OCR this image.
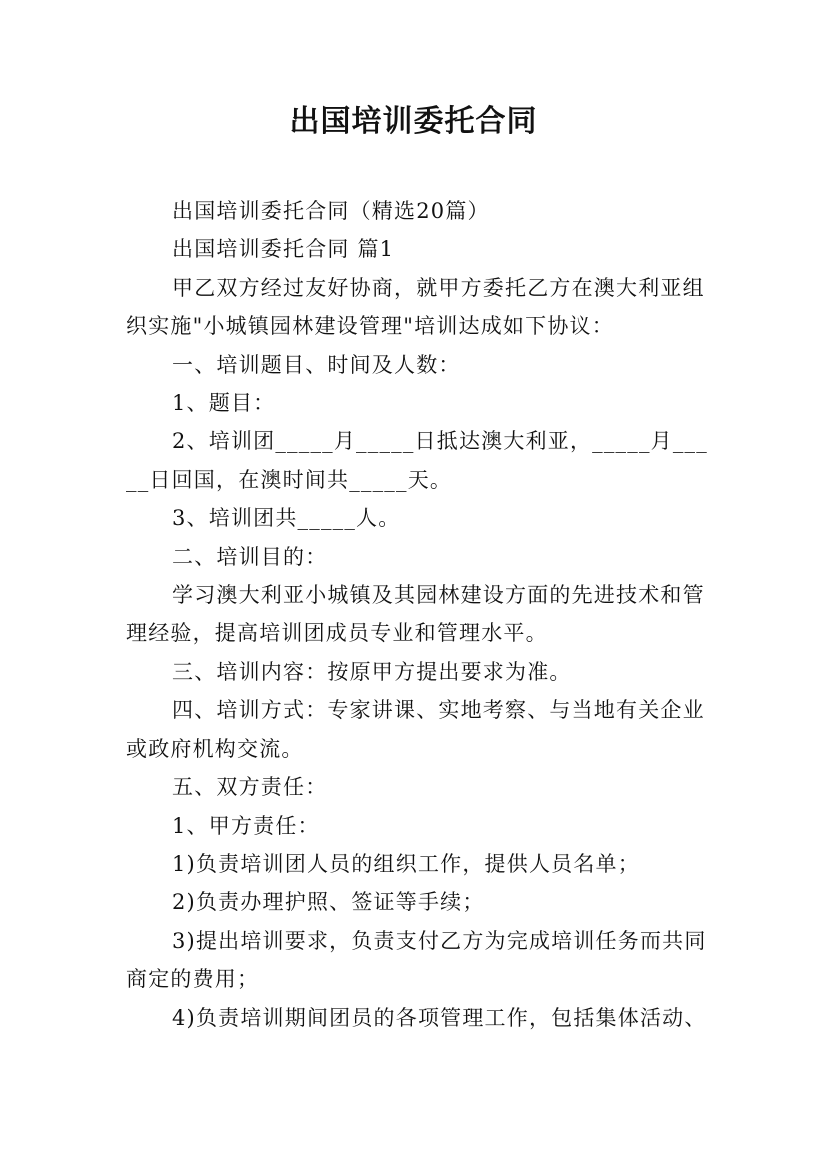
出国培训委托合同

出国培训委托合同（精选20篇）

出国培训委托合同 篇1

甲乙双方经过友好协商，就甲方委托乙方在澳大利亚组织实施"小城镇园林建设管理"培训达成如下协议：

一、培训题目、时间及人数：

1、题目：

2、培训团_____月_____日抵达澳大利亚，_____月_____日回国，在澳时间共_____天。

3、培训团共_____人。

二、培训目的：

学习澳大利亚小城镇及其园林建设方面的先进技术和管理经验，提高培训团成员专业和管理水平。

三、培训内容：按原甲方提出要求为准。

四、培训方式：专家讲课、实地考察、与当地有关企业或政府机构交流。

五、双方责任：

1、甲方责任：

1)负责培训团人员的组织工作，提供人员名单；

2)负责办理护照、签证等手续；

3)提出培训要求，负责支付乙方为完成培训任务而共同商定的费用；

4)负责培训期间团员的各项管理工作，包括集体活动、
